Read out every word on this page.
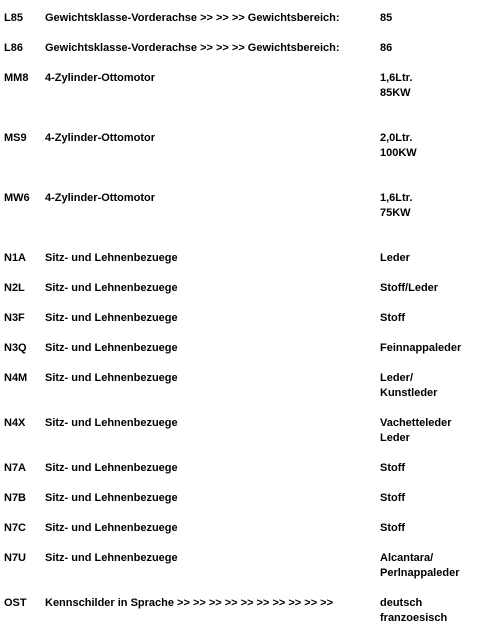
L85 Gewichtsklasse-Vorderachse >> >> >> Gewichtsbereich:	85
L86 Gewichtsklasse-Vorderachse >> >> >> Gewichtsbereich:	86
MM8 4-Zylinder-Ottomotor	1,6Ltr.
85KW
MS9 4-Zylinder-Ottomotor	2,0Ltr.
100KW
MW6 4-Zylinder-Ottomotor	1,6Ltr.
75KW
N1A Sitz- und Lehnenbezuege	Leder
N2L Sitz- und Lehnenbezuege	Stoff/Leder
N3F Sitz- und Lehnenbezuege	Stoff
N3Q Sitz- und Lehnenbezuege	Feinnappaleder
N4M Sitz- und Lehnenbezuege	Leder/
Kunstleder
N4X Sitz- und Lehnenbezuege	Vachetteleder
Leder
N7A Sitz- und Lehnenbezuege	Stoff
N7B Sitz- und Lehnenbezuege	Stoff
N7C Sitz- und Lehnenbezuege	Stoff
N7U Sitz- und Lehnenbezuege	Alcantara/
Perlnappaleder
OST Kennschilder in Sprache >> >> >> >> >> >> >> >> >> >>	deutsch
franzoesisch
